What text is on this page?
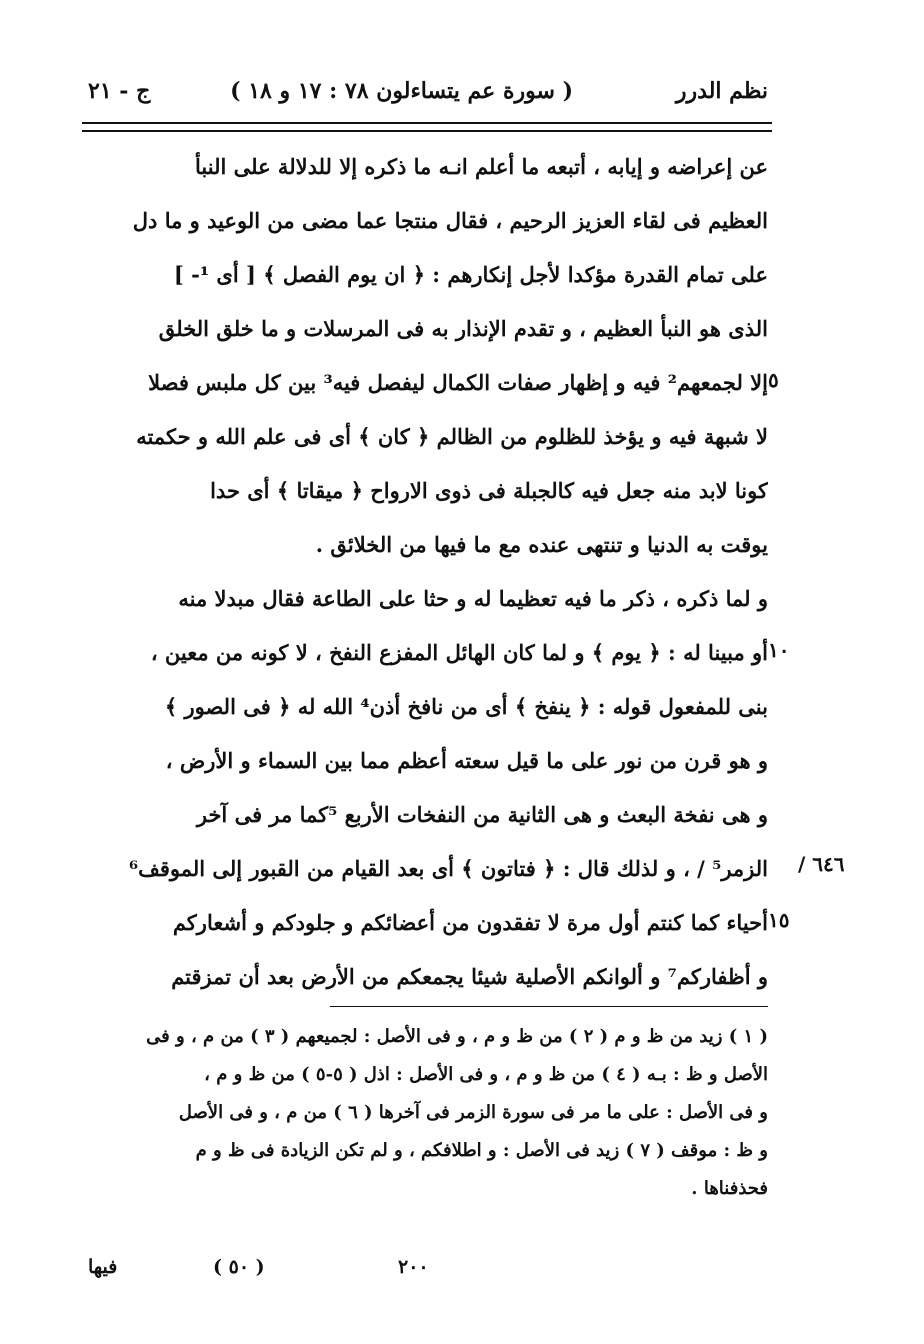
نظم الدرر
( سورة عم يتساءلون ٧٨ : ١٧ و ١٨ )
ج - ٢١
عن إعراضه و إيابه ، أتبعه ما أعلم انـه ما ذكره إلا للدلالة على النبأ
العظيم فى لقاء العزيز الرحيم ، فقال منتجا عما مضى من الوعيد و ما دل
على تمام القدرة مؤكدا لأجل إنكارهم : ﴿ ان يوم الفصل ﴾ [ أى ¹- ]
الذى هو النبأ العظيم ، و تقدم الإنذار به فى المرسلات و ما خلق الخلق
إلا لجمعهم² فيه و إظهار صفات الكمال ليفصل فيه³ بين كل ملبس فصلا
لا شبهة فيه و يؤخذ للظلوم من الظالم ﴿ كان ﴾ أى فى علم الله و حكمته
كونا لابد منه جعل فيه كالجبلة فى ذوى الارواح ﴿ ميقاتا ﴾ أى حدا
يوقت به الدنيا و تنتهى عنده مع ما فيها من الخلائق .
و لما ذكره ، ذكر ما فيه تعظيما له و حثا على الطاعة فقال مبدلا منه
أو مبينا له : ﴿ يوم ﴾ و لما كان الهائل المفزع النفخ ، لا كونه من معين ،
بنى للمفعول قوله : ﴿ ينفخ ﴾ أى من نافخ أذن⁴ الله له ﴿ فى الصور ﴾
و هو قرن من نور على ما قيل سعته أعظم مما بين السماء و الأرض ،
و هى نفخة البعث و هى الثانية من النفخات الأربع ⁵كما مر فى آخر
الزمر⁵ / ، و لذلك قال : ﴿ فتاتون ﴾ أى بعد القيام من القبور إلى الموقف⁶
أحياء كما كنتم أول مرة لا تفقدون من أعضائكم و جلودكم و أشعاركم
و أظفاركم⁷ و ألوانكم الأصلية شيئا يجمعكم من الأرض بعد أن تمزقتم
٥
١٠
١٥
٦٤٦ /
( ١ ) زيد من ظ و م ( ٢ ) من ظ و م ، و فى الأصل : لجميعهم ( ٣ ) من م ، و فى
الأصل و ظ : بـه ( ٤ ) من ظ و م ، و فى الأصل : اذل ( ٥-٥ ) من ظ و م ،
و فى الأصل : على ما مر فى سورة الزمر فى آخرها ( ٦ ) من م ، و فى الأصل
و ظ : موقف ( ٧ ) زيد فى الأصل : و اطلافكم ، و لم تكن الزيادة فى ظ و م
فحذفناها .
فيها	( ٥٠ )	٢٠٠
